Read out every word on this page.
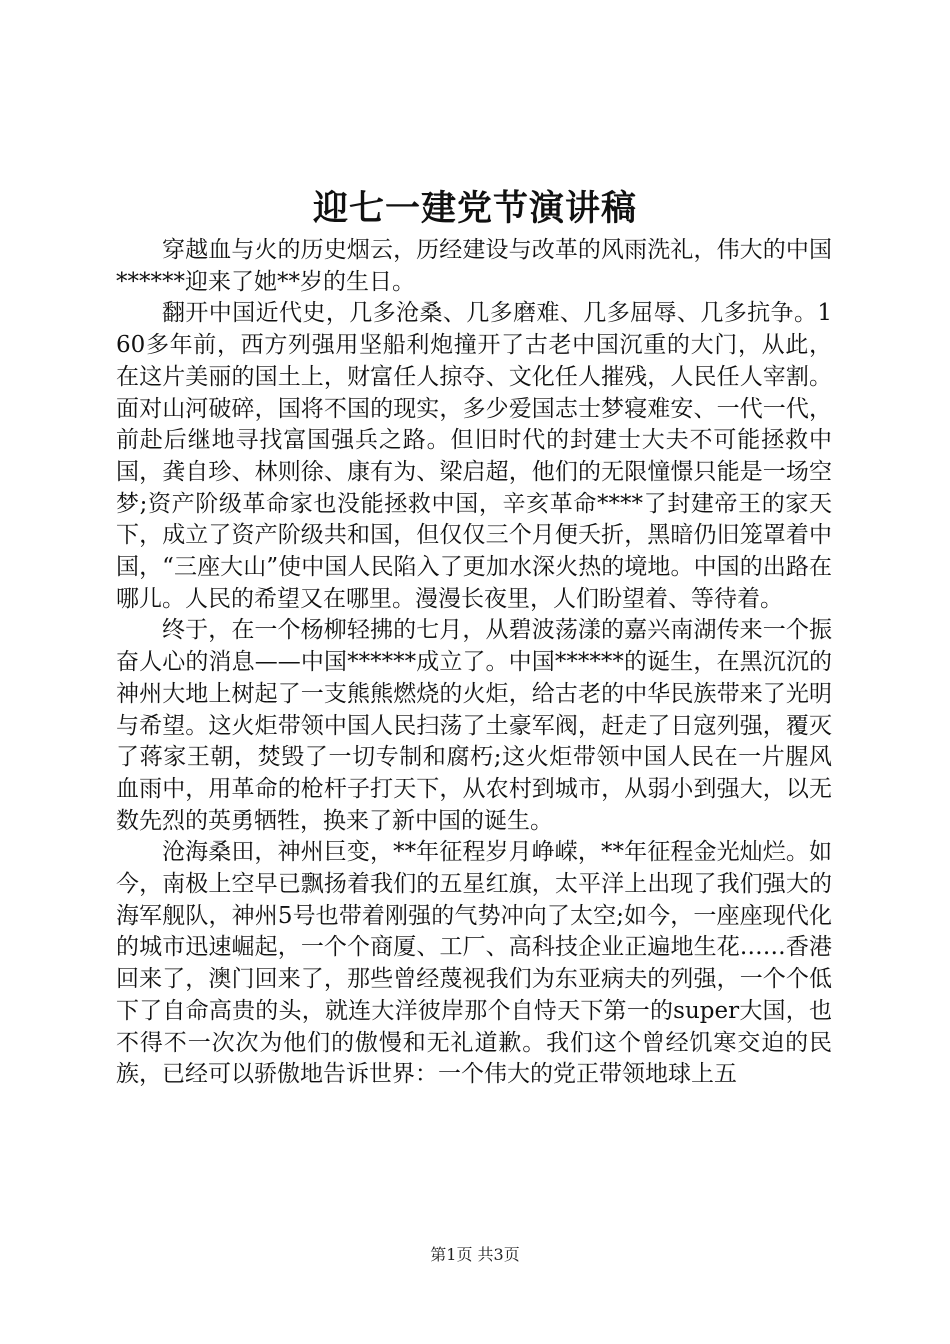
迎七一建党节演讲稿

穿越血与火的历史烟云，历经建设与改革的风雨洗礼，伟大的中国******迎来了她**岁的生日。

翻开中国近代史，几多沧桑、几多磨难、几多屈辱、几多抗争。160多年前，西方列强用坚船利炮撞开了古老中国沉重的大门，从此，在这片美丽的国土上，财富任人掠夺、文化任人摧残，人民任人宰割。面对山河破碎，国将不国的现实，多少爱国志士梦寝难安、一代一代，前赴后继地寻找富国强兵之路。但旧时代的封建士大夫不可能拯救中国，龚自珍、林则徐、康有为、梁启超，他们的无限憧憬只能是一场空梦;资产阶级革命家也没能拯救中国，辛亥革命****了封建帝王的家天下，成立了资产阶级共和国，但仅仅三个月便夭折，黑暗仍旧笼罩着中国，“三座大山”使中国人民陷入了更加水深火热的境地。中国的出路在哪儿。人民的希望又在哪里。漫漫长夜里，人们盼望着、等待着。

终于，在一个杨柳轻拂的七月，从碧波荡漾的嘉兴南湖传来一个振奋人心的消息——中国******成立了。中国******的诞生，在黑沉沉的神州大地上树起了一支熊熊燃烧的火炬，给古老的中华民族带来了光明与希望。这火炬带领中国人民扫荡了土豪军阀，赶走了日寇列强，覆灭了蒋家王朝，焚毁了一切专制和腐朽;这火炬带领中国人民在一片腥风血雨中，用革命的枪杆子打天下，从农村到城市，从弱小到强大，以无数先烈的英勇牺牲，换来了新中国的诞生。

沧海桑田，神州巨变，**年征程岁月峥嵘，**年征程金光灿烂。如今，南极上空早已飘扬着我们的五星红旗，太平洋上出现了我们强大的海军舰队，神州5号也带着刚强的气势冲向了太空;如今，一座座现代化的城市迅速崛起，一个个商厦、工厂、高科技企业正遍地生花……香港回来了，澳门回来了，那些曾经蔑视我们为东亚病夫的列强，一个个低下了自命高贵的头，就连大洋彼岸那个自恃天下第一的super大国，也不得不一次次为他们的傲慢和无礼道歉。我们这个曾经饥寒交迫的民族，已经可以骄傲地告诉世界：一个伟大的党正带领地球上五

第1页 共3页
